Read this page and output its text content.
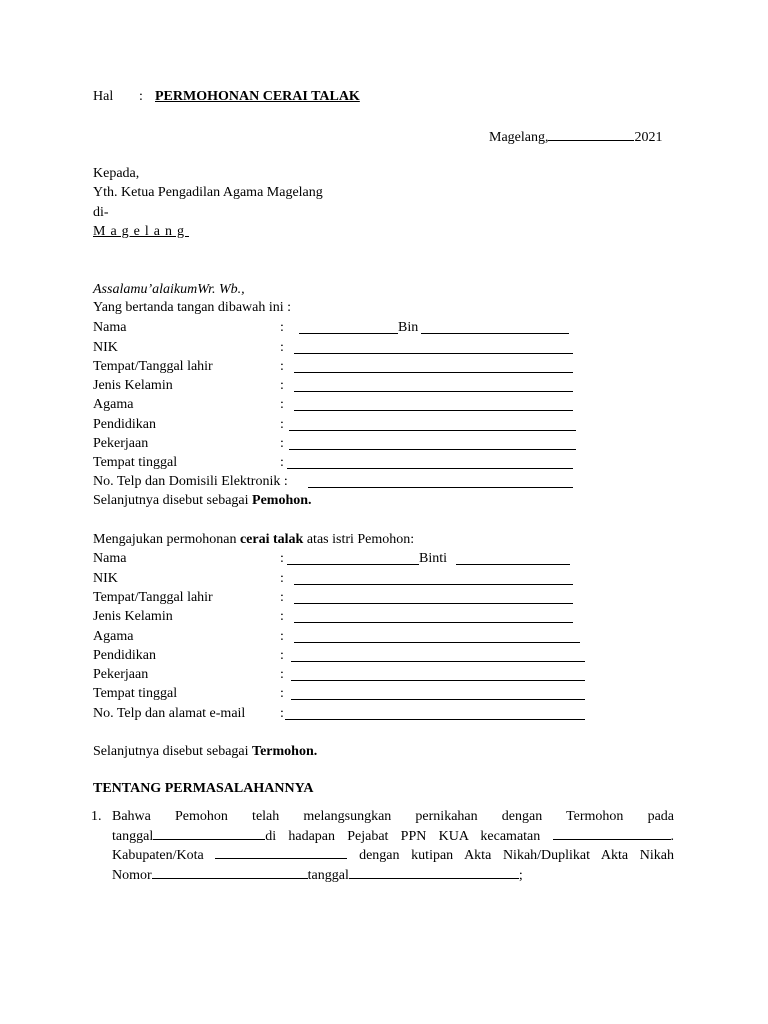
Hal : PERMOHONAN CERAI TALAK
Magelang,	2021
Kepada,
Yth. Ketua Pengadilan Agama Magelang
di-
Magelang
Assalamu’alaikumWr. Wb.,
Yang bertanda tangan dibawah ini :
Nama	:	Bin
NIK	:
Tempat/Tanggal lahir	:
Jenis Kelamin	:
Agama	:
Pendidikan	:
Pekerjaan	:
Tempat tinggal	:
No. Telp dan Domisili Elektronik :
Selanjutnya disebut sebagai Pemohon.
Mengajukan permohonan cerai talak atas istri Pemohon:
Nama	:	Binti
NIK	:
Tempat/Tanggal lahir	:
Jenis Kelamin	:
Agama	:
Pendidikan	:
Pekerjaan	:
Tempat tinggal	:
No. Telp dan alamat e-mail :
Selanjutnya disebut sebagai Termohon.
TENTANG PERMASALAHANNYA
1. Bahwa Pemohon telah melangsungkan pernikahan dengan Termohon pada
tanggal	di hadapan Pejabat PPN KUA kecamatan	.
Kabupaten/Kota	dengan kutipan Akta Nikah/Duplikat Akta Nikah
Nomor	tanggal	;
